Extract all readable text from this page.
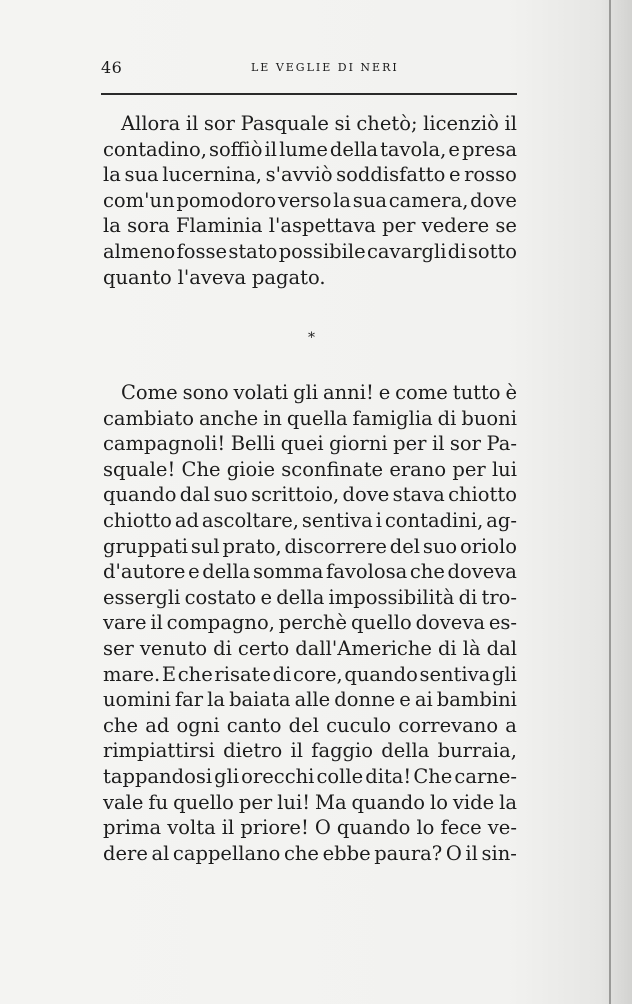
46	LE VEGLIE DI NERI
Allora il sor Pasquale si chetò; licenziò il
contadino, soffiò il lume della tavola, e presa
la sua lucernina, s'avviò soddisfatto e rosso
com'un pomodoro verso la sua camera, dove
la sora Flaminia l'aspettava per vedere se
almeno fosse stato possibile cavargli di sotto
quanto l'aveva pagato.
*
Come sono volati gli anni! e come tutto è
cambiato anche in quella famiglia di buoni
campagnoli! Belli quei giorni per il sor Pa-
squale! Che gioie sconfinate erano per lui
quando dal suo scrittoio, dove stava chiotto
chiotto ad ascoltare, sentiva i contadini, ag-
gruppati sul prato, discorrere del suo oriolo
d'autore e della somma favolosa che doveva
essergli costato e della impossibilità di tro-
vare il compagno, perchè quello doveva es-
ser venuto di certo dall'Americhe di là dal
mare. E che risate di core, quando sentiva gli
uomini far la baiata alle donne e ai bambini
che ad ogni canto del cuculo correvano a
rimpiattirsi dietro il faggio della burraia,
tappandosi gli orecchi colle dita! Che carne-
vale fu quello per lui! Ma quando lo vide la
prima volta il priore! O quando lo fece ve-
dere al cappellano che ebbe paura? O il sin-
